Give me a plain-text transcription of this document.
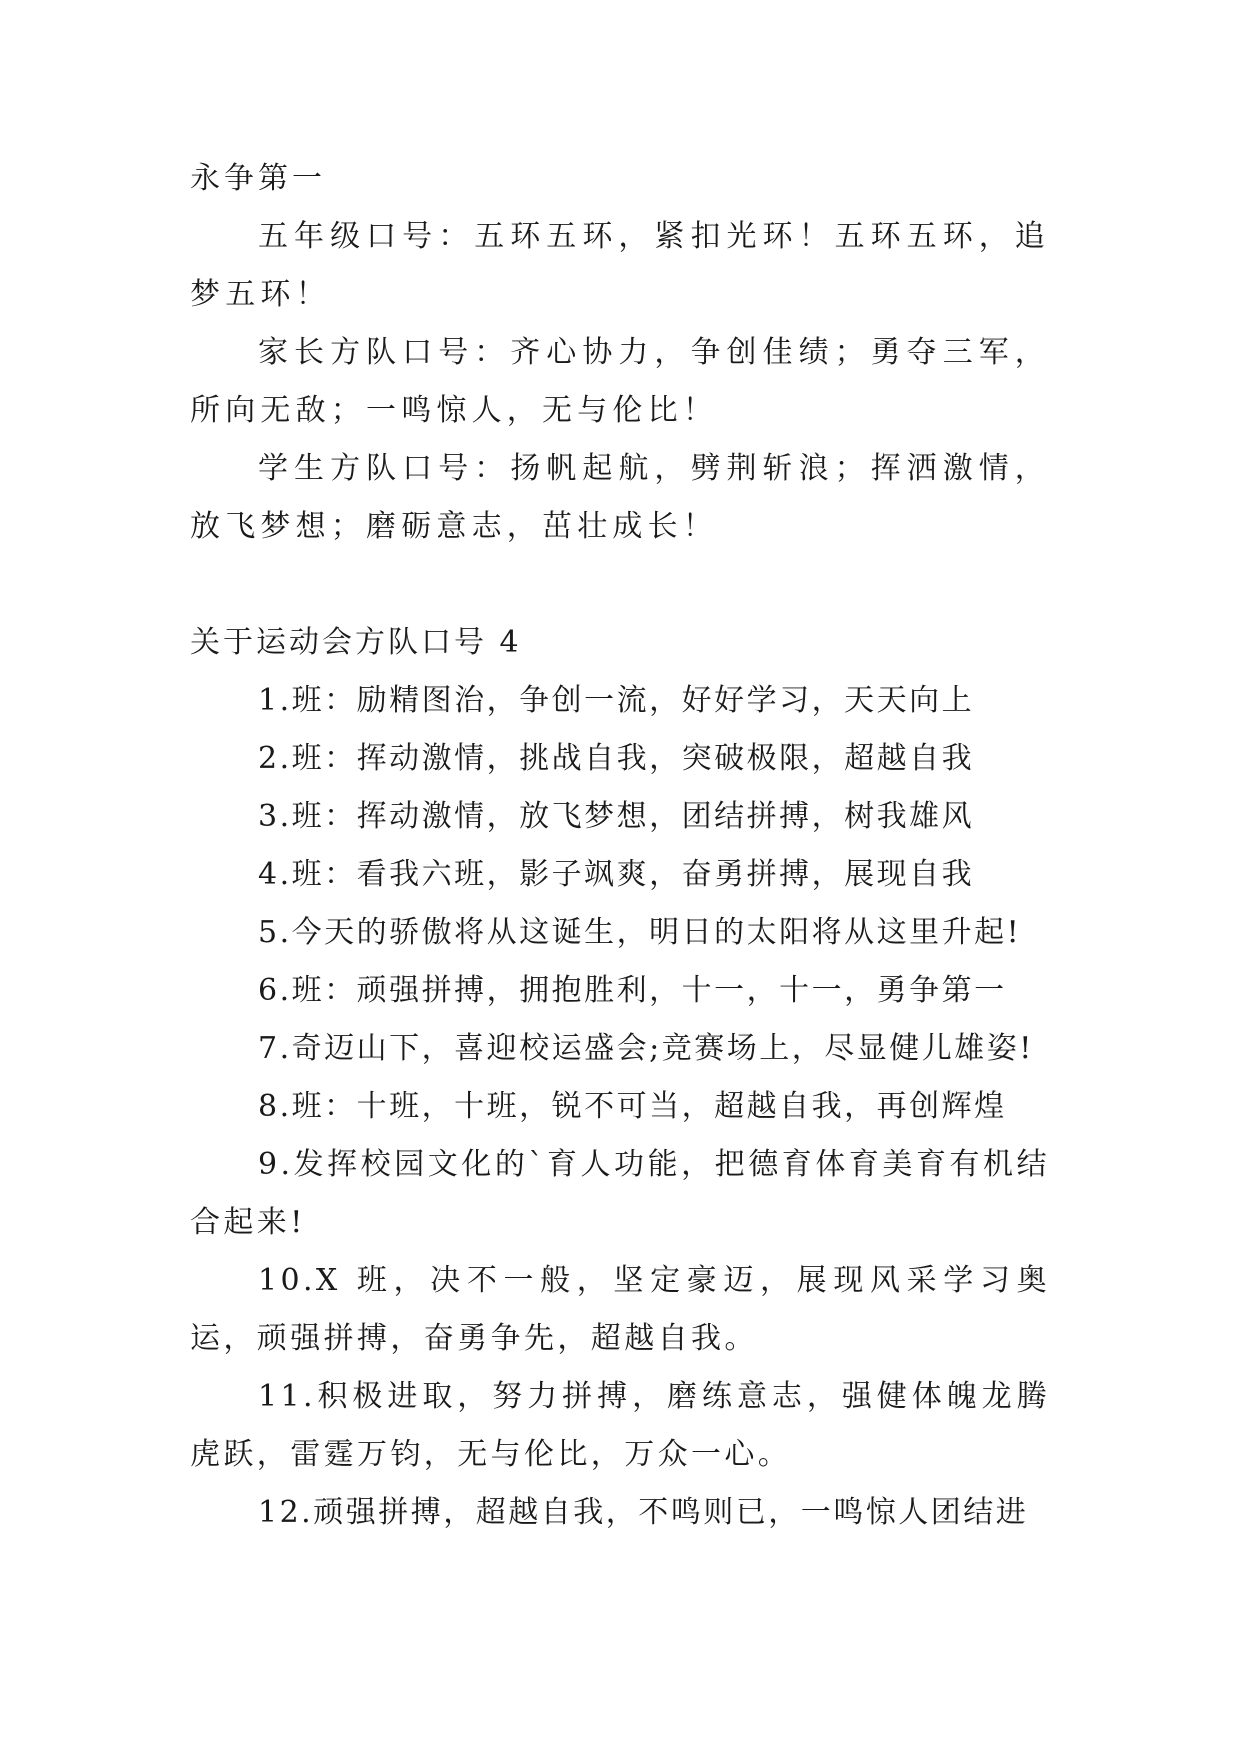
永争第一

五年级口号：五环五环，紧扣光环！五环五环，追梦五环！

家长方队口号：齐心协力，争创佳绩；勇夺三军，所向无敌；一鸣惊人，无与伦比！

学生方队口号：扬帆起航，劈荆斩浪；挥洒激情，放飞梦想；磨砺意志，茁壮成长！

关于运动会方队口号 4

1.班：励精图治，争创一流，好好学习，天天向上

2.班：挥动激情，挑战自我，突破极限，超越自我

3.班：挥动激情，放飞梦想，团结拼搏，树我雄风

4.班：看我六班，影子飒爽，奋勇拼搏，展现自我

5.今天的骄傲将从这诞生，明日的太阳将从这里升起!

6.班：顽强拼搏，拥抱胜利，十一，十一，勇争第一

7.奇迈山下，喜迎校运盛会;竞赛场上，尽显健儿雄姿!

8.班：十班，十班，锐不可当，超越自我，再创辉煌

9.发挥校园文化的`育人功能，把德育体育美育有机结合起来!

10.X 班，决不一般，坚定豪迈，展现风采学习奥运，顽强拼搏，奋勇争先，超越自我。

11.积极进取，努力拼搏，磨练意志，强健体魄龙腾虎跃，雷霆万钧，无与伦比，万众一心。

12.顽强拼搏，超越自我，不鸣则已，一鸣惊人团结进
